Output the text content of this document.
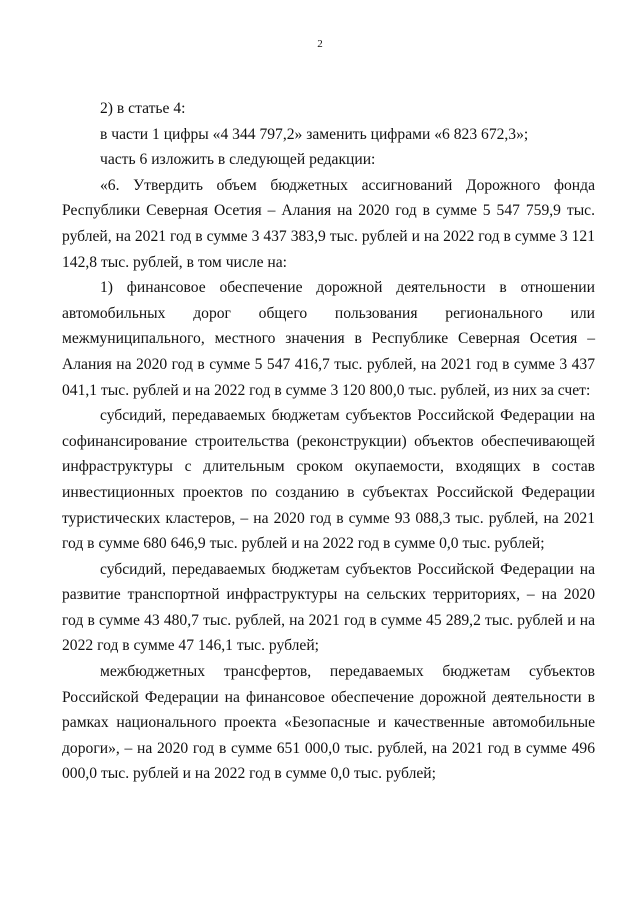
2

2) в статье 4:

в части 1 цифры «4 344 797,2» заменить цифрами «6 823 672,3»;

часть 6 изложить в следующей редакции:

«6. Утвердить объем бюджетных ассигнований Дорожного фонда Республики Северная Осетия – Алания на 2020 год в сумме 5 547 759,9 тыс. рублей, на 2021 год в сумме 3 437 383,9 тыс. рублей и на 2022 год в сумме 3 121 142,8 тыс. рублей, в том числе на:

1) финансовое обеспечение дорожной деятельности в отношении автомобильных дорог общего пользования регионального или межмуниципального, местного значения в Республике Северная Осетия – Алания на 2020 год в сумме 5 547 416,7 тыс. рублей, на 2021 год в сумме 3 437 041,1 тыс. рублей и на 2022 год в сумме 3 120 800,0 тыс. рублей, из них за счет:

субсидий, передаваемых бюджетам субъектов Российской Федерации на софинансирование строительства (реконструкции) объектов обеспечивающей инфраструктуры с длительным сроком окупаемости, входящих в состав инвестиционных проектов по созданию в субъектах Российской Федерации туристических кластеров, – на 2020 год в сумме 93 088,3 тыс. рублей, на 2021 год в сумме 680 646,9 тыс. рублей и на 2022 год в сумме 0,0 тыс. рублей;

субсидий, передаваемых бюджетам субъектов Российской Федерации на развитие транспортной инфраструктуры на сельских территориях, – на 2020 год в сумме 43 480,7 тыс. рублей, на 2021 год в сумме 45 289,2 тыс. рублей и на 2022 год в сумме 47 146,1 тыс. рублей;

межбюджетных трансфертов, передаваемых бюджетам субъектов Российской Федерации на финансовое обеспечение дорожной деятельности в рамках национального проекта «Безопасные и качественные автомобильные дороги», – на 2020 год в сумме 651 000,0 тыс. рублей, на 2021 год в сумме 496 000,0 тыс. рублей и на 2022 год в сумме 0,0 тыс. рублей;
